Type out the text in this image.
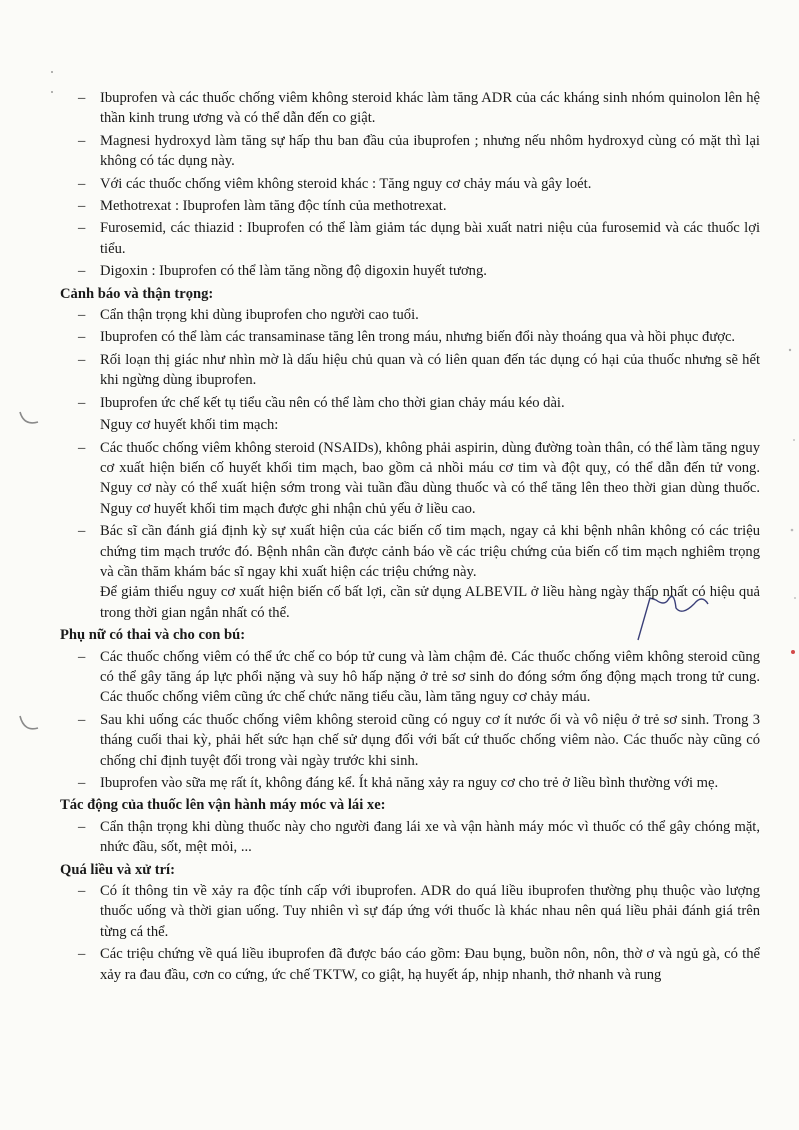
– Ibuprofen và các thuốc chống viêm không steroid khác làm tăng ADR của các kháng sinh nhóm quinolon lên hệ thần kinh trung ương và có thể dẫn đến co giật.
– Magnesi hydroxyd làm tăng sự hấp thu ban đầu của ibuprofen ; nhưng nếu nhôm hydroxyd cùng có mặt thì lại không có tác dụng này.
– Với các thuốc chống viêm không steroid khác : Tăng nguy cơ chảy máu và gây loét.
– Methotrexat : Ibuprofen làm tăng độc tính của methotrexat.
– Furosemid, các thiazid : Ibuprofen có thể làm giảm tác dụng bài xuất natri niệu của furosemid và các thuốc lợi tiểu.
– Digoxin : Ibuprofen có thể làm tăng nồng độ digoxin huyết tương.
Cảnh báo và thận trọng:
– Cẩn thận trọng khi dùng ibuprofen cho người cao tuổi.
– Ibuprofen có thể làm các transaminase tăng lên trong máu, nhưng biến đổi này thoáng qua và hồi phục được.
– Rối loạn thị giác như nhìn mờ là dấu hiệu chủ quan và có liên quan đến tác dụng có hại của thuốc nhưng sẽ hết khi ngừng dùng ibuprofen.
– Ibuprofen ức chế kết tụ tiểu cầu nên có thể làm cho thời gian chảy máu kéo dài.
Nguy cơ huyết khối tim mạch:
– Các thuốc chống viêm không steroid (NSAIDs), không phải aspirin, dùng đường toàn thân, có thể làm tăng nguy cơ xuất hiện biến cố huyết khối tim mạch, bao gồm cả nhồi máu cơ tim và đột quỵ, có thể dẫn đến tử vong. Nguy cơ này có thể xuất hiện sớm trong vài tuần đầu dùng thuốc và có thể tăng lên theo thời gian dùng thuốc. Nguy cơ huyết khối tim mạch được ghi nhận chủ yếu ở liều cao.
– Bác sĩ cần đánh giá định kỳ sự xuất hiện của các biến cố tim mạch, ngay cả khi bệnh nhân không có các triệu chứng tim mạch trước đó. Bệnh nhân cần được cảnh báo về các triệu chứng của biến cố tim mạch nghiêm trọng và cần thăm khám bác sĩ ngay khi xuất hiện các triệu chứng này.
Để giảm thiểu nguy cơ xuất hiện biến cố bất lợi, cần sử dụng ALBEVIL ở liều hàng ngày thấp nhất có hiệu quả trong thời gian ngắn nhất có thể.
Phụ nữ có thai và cho con bú:
– Các thuốc chống viêm có thể ức chế co bóp tử cung và làm chậm đẻ. Các thuốc chống viêm không steroid cũng có thể gây tăng áp lực phổi nặng và suy hô hấp nặng ở trẻ sơ sinh do đóng sớm ống động mạch trong tử cung. Các thuốc chống viêm cũng ức chế chức năng tiểu cầu, làm tăng nguy cơ chảy máu.
– Sau khi uống các thuốc chống viêm không steroid cũng có nguy cơ ít nước ối và vô niệu ở trẻ sơ sinh. Trong 3 tháng cuối thai kỳ, phải hết sức hạn chế sử dụng đối với bất cứ thuốc chống viêm nào. Các thuốc này cũng có chống chỉ định tuyệt đối trong vài ngày trước khi sinh.
– Ibuprofen vào sữa mẹ rất ít, không đáng kể. Ít khả năng xảy ra nguy cơ cho trẻ ở liều bình thường với mẹ.
Tác động của thuốc lên vận hành máy móc và lái xe:
– Cẩn thận trọng khi dùng thuốc này cho người đang lái xe và vận hành máy móc vì thuốc có thể gây chóng mặt, nhức đầu, sốt, mệt mỏi, ...
Quá liều và xử trí:
– Có ít thông tin về xảy ra độc tính cấp với ibuprofen. ADR do quá liều ibuprofen thường phụ thuộc vào lượng thuốc uống và thời gian uống. Tuy nhiên vì sự đáp ứng với thuốc là khác nhau nên quá liều phải đánh giá trên từng cá thể.
– Các triệu chứng về quá liều ibuprofen đã được báo cáo gồm: Đau bụng, buồn nôn, nôn, thờ ơ và ngủ gà, có thể xảy ra đau đầu, cơn co cứng, ức chế TKTW, co giật, hạ huyết áp, nhịp nhanh, thở nhanh và rung
